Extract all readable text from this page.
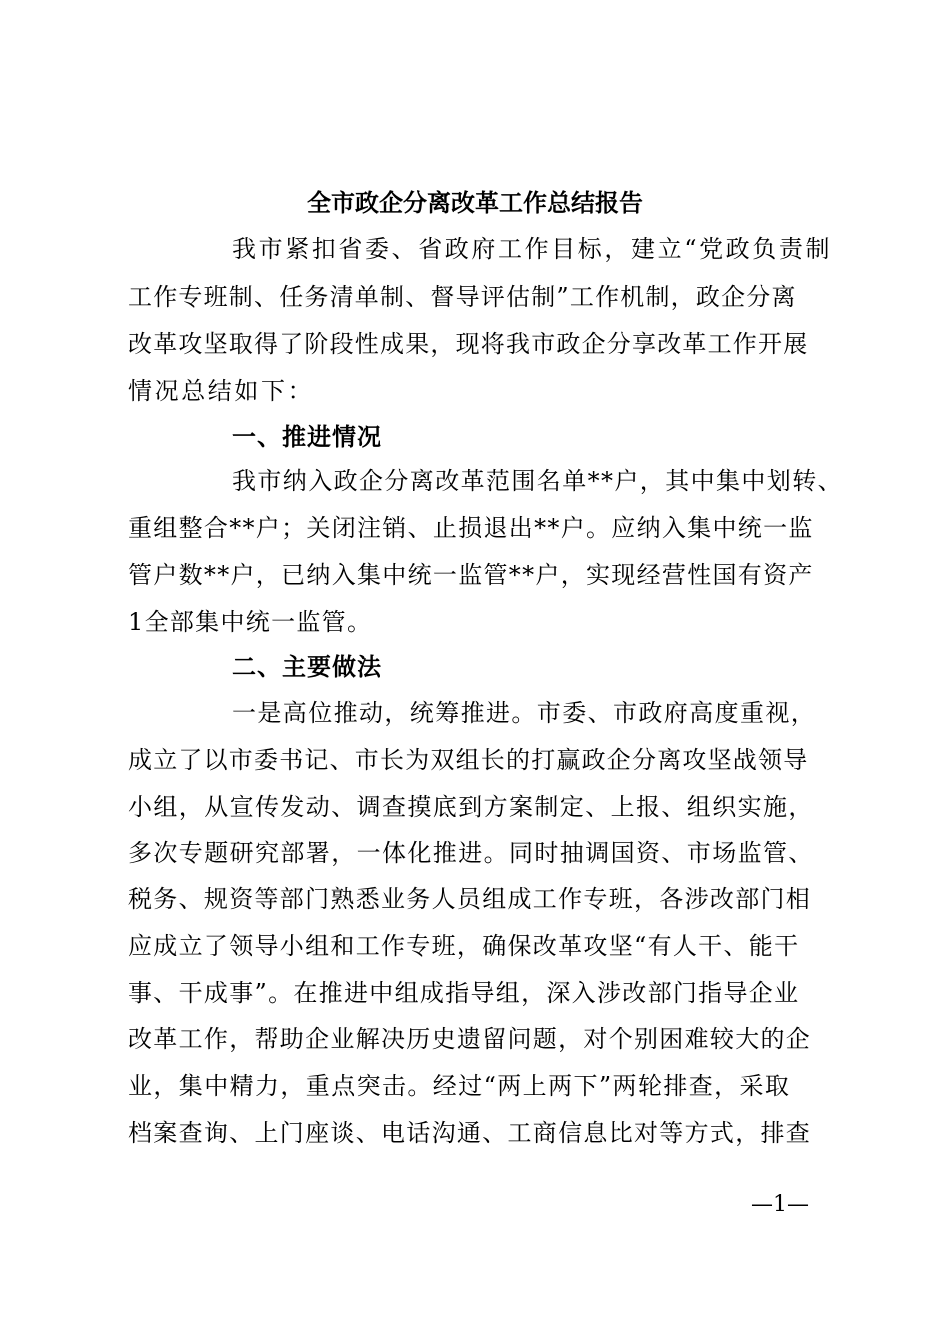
全市政企分离改革工作总结报告
我市紧扣省委、省政府工作目标，建立“党政负责制
工作专班制、任务清单制、督导评估制”工作机制，政企分离
改革攻坚取得了阶段性成果，现将我市政企分享改革工作开展
情况总结如下：
一、推进情况
我市纳入政企分离改革范围名单**户，其中集中划转、
重组整合**户；关闭注销、止损退出**户。应纳入集中统一监
管户数**户，已纳入集中统一监管**户，实现经营性国有资产
1全部集中统一监管。
二、主要做法
一是高位推动，统筹推进。市委、市政府高度重视，
成立了以市委书记、市长为双组长的打赢政企分离攻坚战领导
小组，从宣传发动、调查摸底到方案制定、上报、组织实施，
多次专题研究部署，一体化推进。同时抽调国资、市场监管、
税务、规资等部门熟悉业务人员组成工作专班，各涉改部门相
应成立了领导小组和工作专班，确保改革攻坚“有人干、能干
事、干成事”。在推进中组成指导组，深入涉改部门指导企业
改革工作，帮助企业解决历史遗留问题，对个别困难较大的企
业，集中精力，重点突击。经过“两上两下”两轮排查，采取
档案查询、上门座谈、电话沟通、工商信息比对等方式，排查
—1—
